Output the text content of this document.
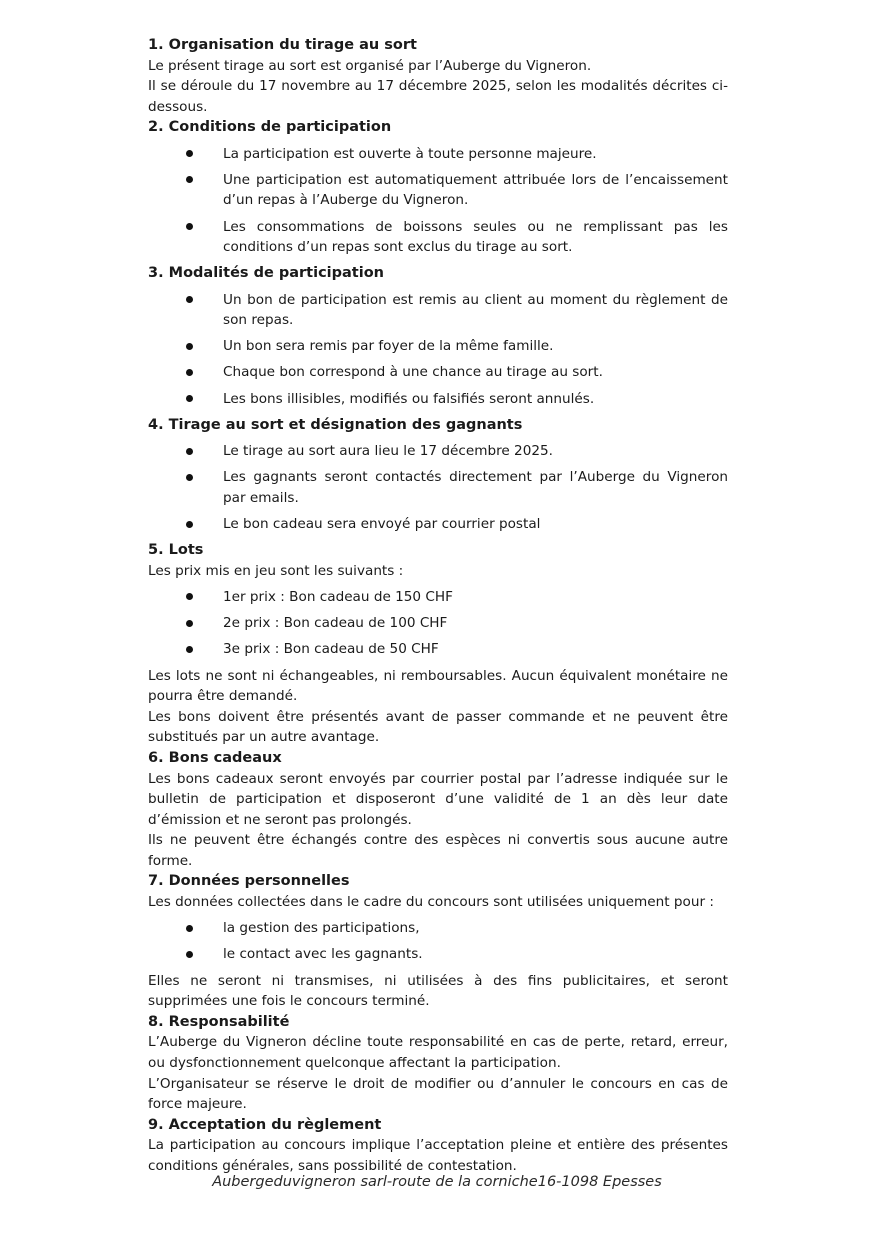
1. Organisation du tirage au sort

Le présent tirage au sort est organisé par l’Auberge du Vigneron.

Il se déroule du 17 novembre au 17 décembre 2025, selon les modalités décrites ci-dessous.

2. Conditions de participation
La participation est ouverte à toute personne majeure.
Une participation est automatiquement attribuée lors de l’encaissement d’un repas à l’Auberge du Vigneron.
Les consommations de boissons seules ou ne remplissant pas les conditions d’un repas sont exclus du tirage au sort.
3. Modalités de participation
Un bon de participation est remis au client au moment du règlement de son repas.
Un bon sera remis par foyer de la même famille.
Chaque bon correspond à une chance au tirage au sort.
Les bons illisibles, modifiés ou falsifiés seront annulés.
4. Tirage au sort et désignation des gagnants
Le tirage au sort aura lieu le 17 décembre 2025.
Les gagnants seront contactés directement par l’Auberge du Vigneron par emails.
Le bon cadeau sera envoyé par courrier postal
5. Lots

Les prix mis en jeu sont les suivants :

1er prix : Bon cadeau de 150 CHF
2e prix : Bon cadeau de 100 CHF
3e prix : Bon cadeau de 50 CHF

Les lots ne sont ni échangeables, ni remboursables. Aucun équivalent monétaire ne pourra être demandé.

Les bons doivent être présentés avant de passer commande et ne peuvent être substitués par un autre avantage.

6. Bons cadeaux

Les bons cadeaux seront envoyés par courrier postal par l’adresse indiquée sur le bulletin de participation et disposeront d’une validité de 1 an dès leur date d’émission et ne seront pas prolongés.

Ils ne peuvent être échangés contre des espèces ni convertis sous aucune autre forme.

7. Données personnelles

Les données collectées dans le cadre du concours sont utilisées uniquement pour :

la gestion des participations,
le contact avec les gagnants.

Elles ne seront ni transmises, ni utilisées à des fins publicitaires, et seront supprimées une fois le concours terminé.

8. Responsabilité

L’Auberge du Vigneron décline toute responsabilité en cas de perte, retard, erreur, ou dysfonctionnement quelconque affectant la participation.

L’Organisateur se réserve le droit de modifier ou d’annuler le concours en cas de force majeure.

9. Acceptation du règlement

La participation au concours implique l’acceptation pleine et entière des présentes conditions générales, sans possibilité de contestation.

Aubergeduvigneron sarl-route de la corniche16-1098 Epesses
